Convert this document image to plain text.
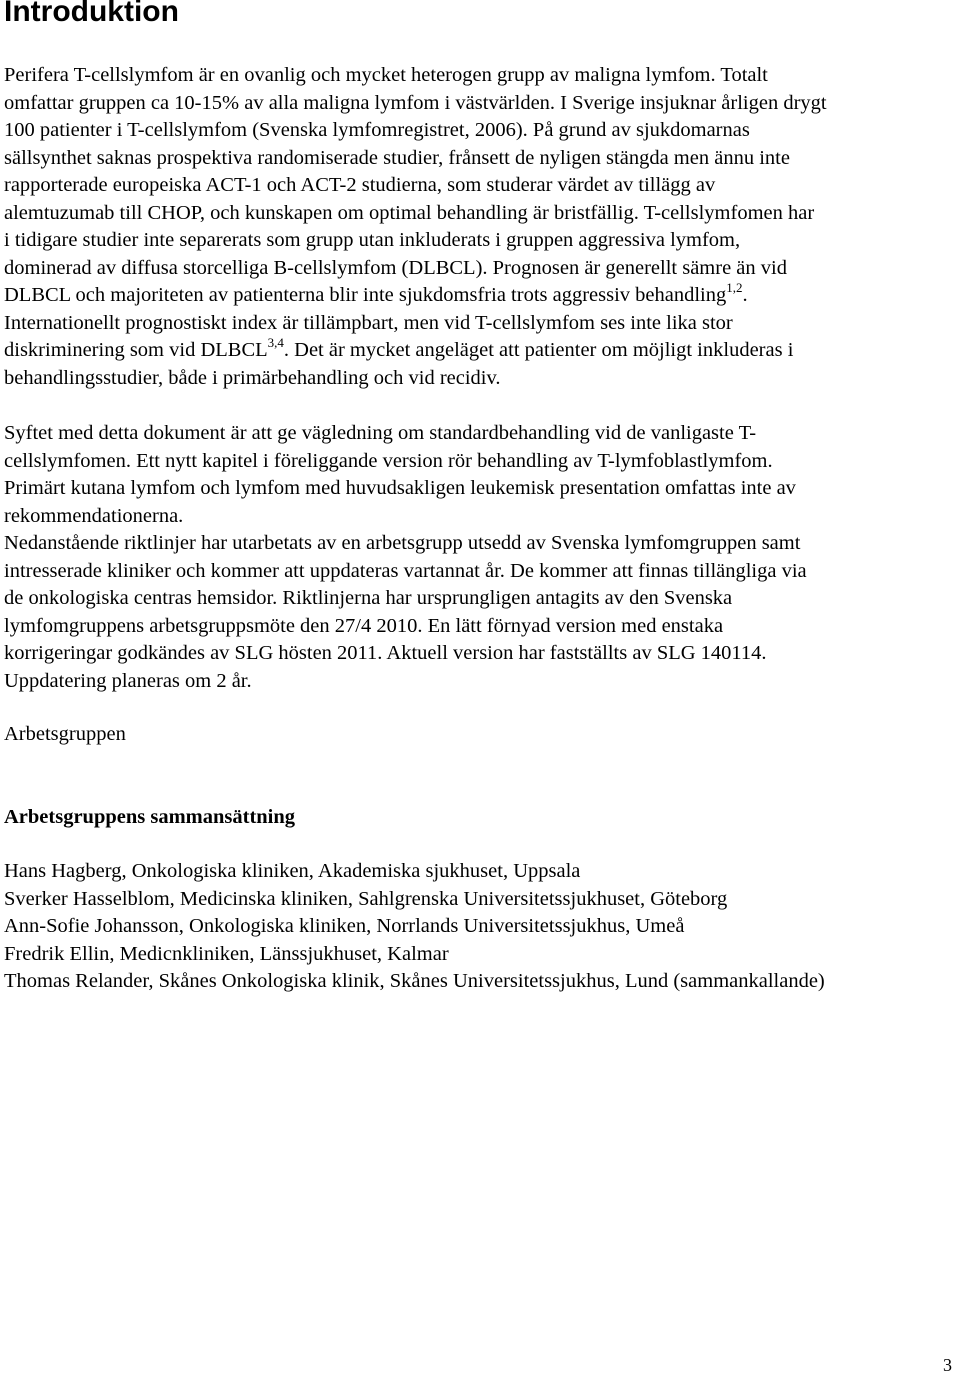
Introduktion
Perifera T-cellslymfom är en ovanlig och mycket heterogen grupp av maligna lymfom. Totalt
omfattar gruppen ca 10-15% av alla maligna lymfom i västvärlden. I Sverige insjuknar årligen drygt
100 patienter i T-cellslymfom (Svenska lymfomregistret, 2006). På grund av sjukdomarnas
sällsynthet saknas prospektiva randomiserade studier, frånsett de nyligen stängda men ännu inte
rapporterade europeiska ACT-1 och ACT-2 studierna, som studerar värdet av tillägg av
alemtuzumab till CHOP, och kunskapen om optimal behandling är bristfällig. T-cellslymfomen har
i tidigare studier inte separerats som grupp utan inkluderats i gruppen aggressiva lymfom,
dominerad av diffusa storcelliga B-cellslymfom (DLBCL). Prognosen är generellt sämre än vid
DLBCL och majoriteten av patienterna blir inte sjukdomsfria trots aggressiv behandling$^{1,2}$.
Internationellt prognostiskt index är tillämpbart, men vid T-cellslymfom ses inte lika stor
diskriminering som vid DLBCL$^{3,4}$. Det är mycket angeläget att patienter om möjligt inkluderas i
behandlingsstudier, både i primärbehandling och vid recidiv.
Syftet med detta dokument är att ge vägledning om standardbehandling vid de vanligaste T-
cellslymfomen. Ett nytt kapitel i föreliggande version rör behandling av T-lymfoblastlymfom.
Primärt kutana lymfom och lymfom med huvudsakligen leukemisk presentation omfattas inte av
rekommendationerna.
Nedanstående riktlinjer har utarbetats av en arbetsgrupp utsedd av Svenska lymfomgruppen samt
intresserade kliniker och kommer att uppdateras vartannat år. De kommer att finnas tillängliga via
de onkologiska centras hemsidor. Riktlinjerna har ursprungligen antagits av den Svenska
lymfomgruppens arbetsgruppsmöte den 27/4 2010. En lätt förnyad version med enstaka
korrigeringar godkändes av SLG hösten 2011. Aktuell version har fastställts av SLG 140114.
Uppdatering planeras om 2 år.
Arbetsgruppen
Arbetsgruppens sammansättning
Hans Hagberg, Onkologiska kliniken, Akademiska sjukhuset, Uppsala
Sverker Hasselblom, Medicinska kliniken, Sahlgrenska Universitetssjukhuset, Göteborg
Ann-Sofie Johansson, Onkologiska kliniken, Norrlands Universitetssjukhus, Umeå
Fredrik Ellin, Medicnkliniken, Länssjukhuset, Kalmar
Thomas Relander, Skånes Onkologiska klinik, Skånes Universitetssjukhus, Lund (sammankallande)
3
